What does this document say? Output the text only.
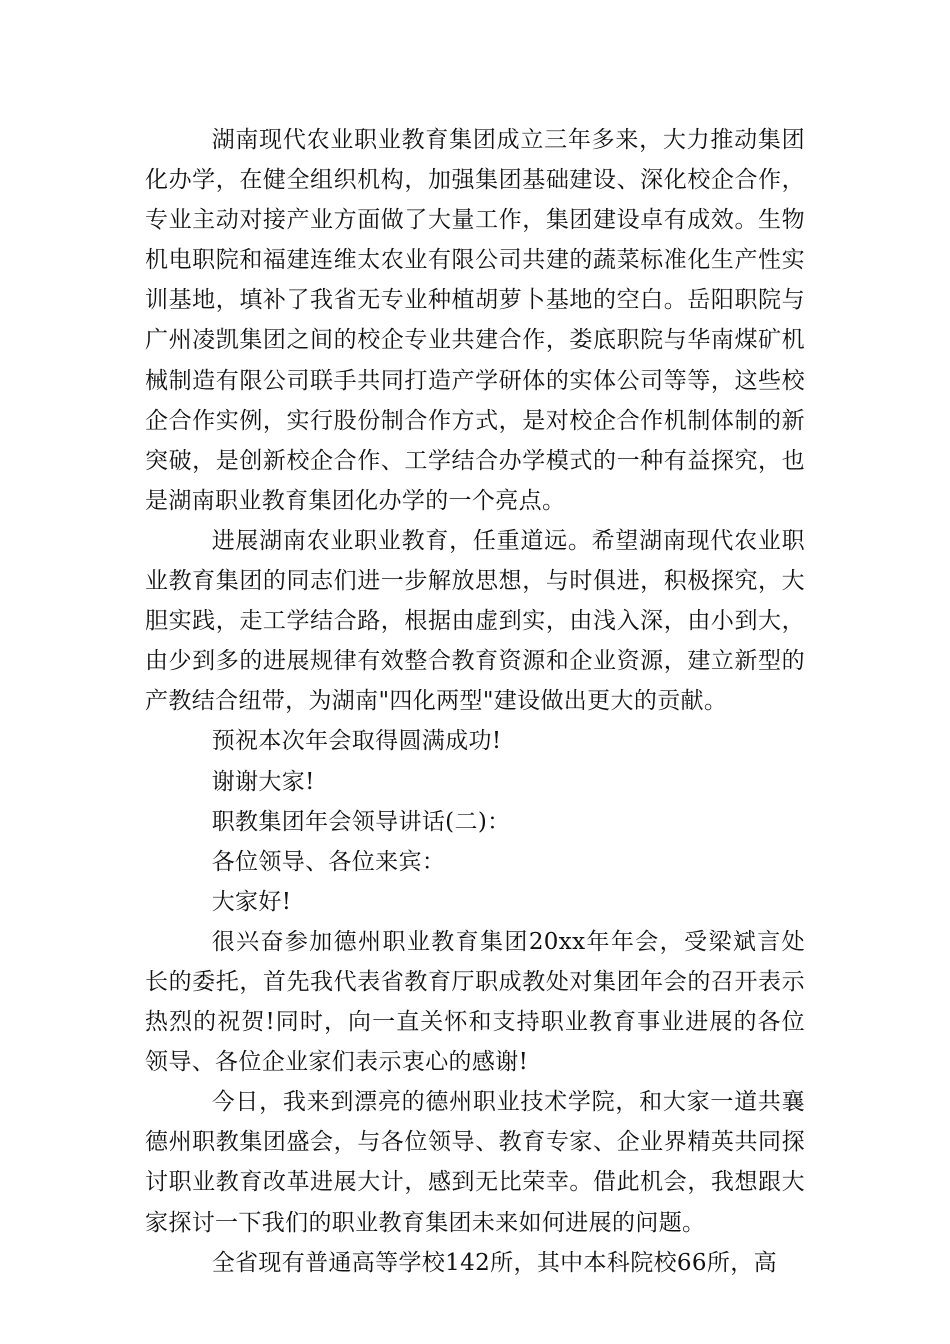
湖南现代农业职业教育集团成立三年多来，大力推动集团化办学，在健全组织机构，加强集团基础建设、深化校企合作，专业主动对接产业方面做了大量工作，集团建设卓有成效。生物机电职院和福建连维太农业有限公司共建的蔬菜标准化生产性实训基地，填补了我省无专业种植胡萝卜基地的空白。岳阳职院与广州凌凯集团之间的校企专业共建合作，娄底职院与华南煤矿机械制造有限公司联手共同打造产学研体的实体公司等等，这些校企合作实例，实行股份制合作方式，是对校企合作机制体制的新突破，是创新校企合作、工学结合办学模式的一种有益探究，也是湖南职业教育集团化办学的一个亮点。

进展湖南农业职业教育，任重道远。希望湖南现代农业职业教育集团的同志们进一步解放思想，与时俱进，积极探究，大胆实践，走工学结合路，根据由虚到实，由浅入深，由小到大，由少到多的进展规律有效整合教育资源和企业资源，建立新型的产教结合纽带，为湖南"四化两型"建设做出更大的贡献。

预祝本次年会取得圆满成功!

谢谢大家!

职教集团年会领导讲话(二)：

各位领导、各位来宾：

大家好!

很兴奋参加德州职业教育集团20xx年年会，受梁斌言处长的委托，首先我代表省教育厅职成教处对集团年会的召开表示热烈的祝贺!同时，向一直关怀和支持职业教育事业进展的各位领导、各位企业家们表示衷心的感谢!

今日，我来到漂亮的德州职业技术学院，和大家一道共襄德州职教集团盛会，与各位领导、教育专家、企业界精英共同探讨职业教育改革进展大计，感到无比荣幸。借此机会，我想跟大家探讨一下我们的职业教育集团未来如何进展的问题。

全省现有普通高等学校142所，其中本科院校66所，高
